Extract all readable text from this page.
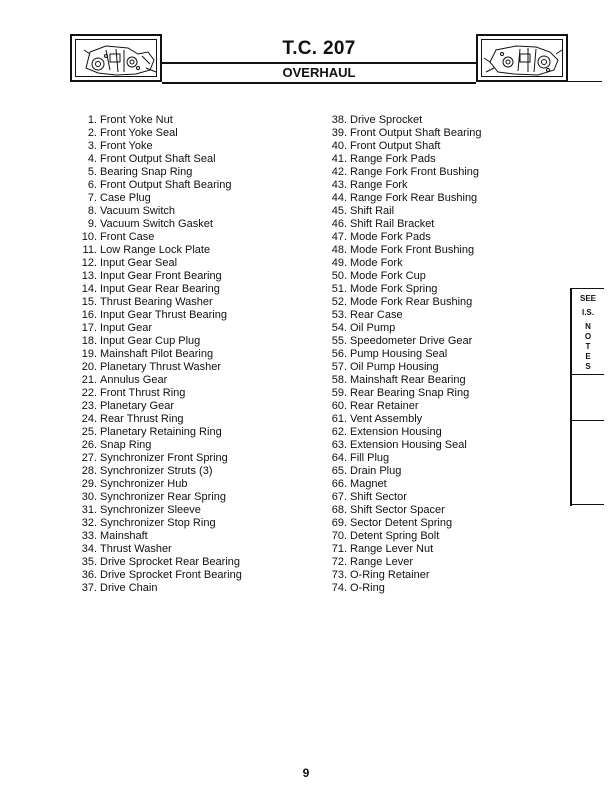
T.C. 207
OVERHAUL
1. Front Yoke Nut
2. Front Yoke Seal
3. Front Yoke
4. Front Output Shaft Seal
5. Bearing Snap Ring
6. Front Output Shaft Bearing
7. Case Plug
8. Vacuum Switch
9. Vacuum Switch Gasket
10. Front Case
11. Low Range Lock Plate
12. Input Gear Seal
13. Input Gear Front Bearing
14. Input Gear Rear Bearing
15. Thrust Bearing Washer
16. Input Gear Thrust Bearing
17. Input Gear
18. Input Gear Cup Plug
19. Mainshaft Pilot Bearing
20. Planetary Thrust Washer
21. Annulus Gear
22. Front Thrust Ring
23. Planetary Gear
24. Rear Thrust Ring
25. Planetary Retaining Ring
26. Snap Ring
27. Synchronizer Front Spring
28. Synchronizer Struts (3)
29. Synchronizer Hub
30. Synchronizer Rear Spring
31. Synchronizer Sleeve
32. Synchronizer Stop Ring
33. Mainshaft
34. Thrust Washer
35. Drive Sprocket Rear Bearing
36. Drive Sprocket Front Bearing
37. Drive Chain
38. Drive Sprocket
39. Front Output Shaft Bearing
40. Front Output Shaft
41. Range Fork Pads
42. Range Fork Front Bushing
43. Range Fork
44. Range Fork Rear Bushing
45. Shift Rail
46. Shift Rail Bracket
47. Mode Fork Pads
48. Mode Fork Front Bushing
49. Mode Fork
50. Mode Fork Cup
51. Mode Fork Spring
52. Mode Fork Rear Bushing
53. Rear Case
54. Oil Pump
55. Speedometer Drive Gear
56. Pump Housing Seal
57. Oil Pump Housing
58. Mainshaft Rear Bearing
59. Rear Bearing Snap Ring
60. Rear Retainer
61. Vent Assembly
62. Extension Housing
63. Extension Housing Seal
64. Fill Plug
65. Drain Plug
66. Magnet
67. Shift Sector
68. Shift Sector Spacer
69. Sector Detent Spring
70. Detent Spring Bolt
71. Range Lever Nut
72. Range Lever
73. O-Ring Retainer
74. O-Ring
SEE
I.S.
N
O
T
E
S
9
